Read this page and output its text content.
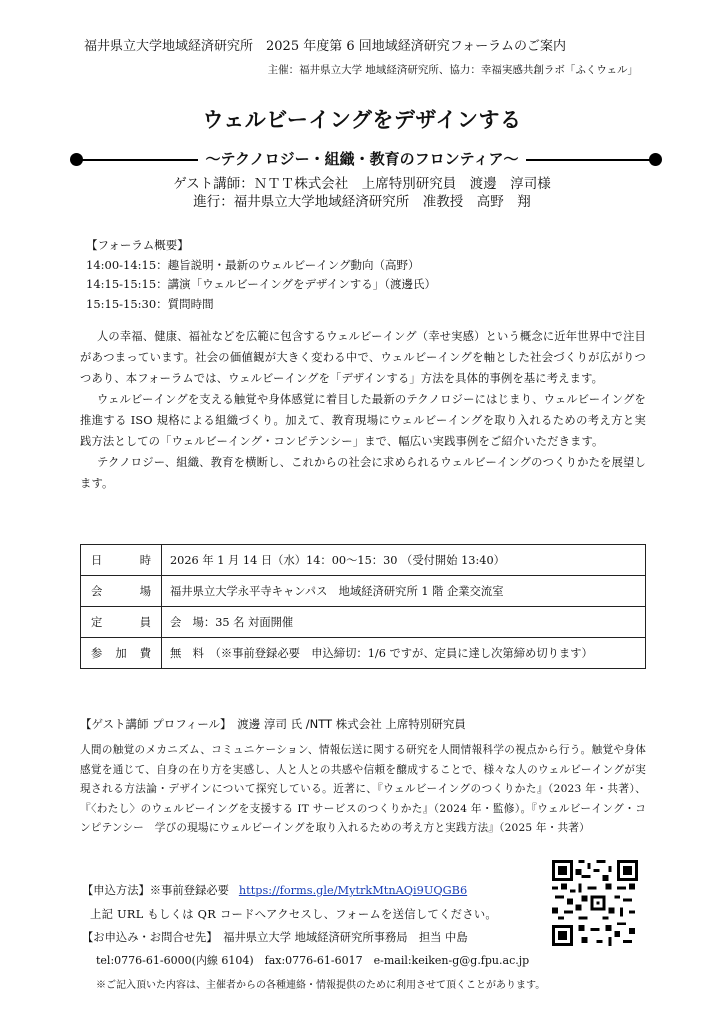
福井県立大学地域経済研究所　2025 年度第 6 回地域経済研究フォーラムのご案内
主催：福井県立大学 地域経済研究所、協力：幸福実感共創ラボ「ふくウェル」
ウェルビーイングをデザインする
〜テクノロジー・組織・教育のフロンティア〜
ゲスト講師：ＮＴＴ株式会社　上席特別研究員　渡邊　淳司様
進行：福井県立大学地域経済研究所　准教授　高野　翔
【フォーラム概要】
14:00-14:15：趣旨説明・最新のウェルビーイング動向（高野）
14:15-15:15：講演「ウェルビーイングをデザインする」（渡邊氏）
15:15-15:30：質問時間

人の幸福、健康、福祉などを広範に包含するウェルビーイング（幸せ実感）という概念に近年世界中で注目があつまっています。社会の価値観が大きく変わる中で、ウェルビーイングを軸とした社会づくりが広がりつつあり、本フォーラムでは、ウェルビーイングを「デザインする」方法を具体的事例を基に考えます。

ウェルビーイングを支える触覚や身体感覚に着目した最新のテクノロジーにはじまり、ウェルビーイングを推進する ISO 規格による組織づくり。加えて、教育現場にウェルビーイングを取り入れるための考え方と実践方法としての「ウェルビーイング・コンピテンシー」まで、幅広い実践事例をご紹介いただきます。

テクノロジー、組織、教育を横断し、これからの社会に求められるウェルビーイングのつくりかたを展望します。

日　時	2026 年 1 月 14 日（水）14：00〜15：30 （受付開始 13:40）
会　場	福井県立大学永平寺キャンパス　地域経済研究所 1 階 企業交流室
定　員	会　場：35 名 対面開催
参加費	無　料　（※事前登録必要　申込締切：1/6 ですが、定員に達し次第締め切ります）
【ゲスト講師 プロフィール】　渡邊 淳司 氏 /NTT 株式会社 上席特別研究員
人間の触覚のメカニズム、コミュニケーション、情報伝送に関する研究を人間情報科学の視点から行う。触覚や身体感覚を通じて、自身の在り方を実感し、人と人との共感や信頼を醸成することで、様々な人のウェルビーイングが実現される方法論・デザインについて探究している。近著に、『ウェルビーイングのつくりかた』（2023 年・共著）、『〈わたし〉のウェルビーイングを支援する IT サービスのつくりかた』（2024 年・監修）。『ウェルビーイング・コンピテンシー　学びの現場にウェルビーイングを取り入れるための考え方と実践方法』（2025 年・共著）
【申込方法】※事前登録必要 https://forms.gle/MytrkMtnAQi9UQGB6
上記 URL もしくは QR コードへアクセスし、フォームを送信してください。
【お申込み・お問合せ先】　福井県立大学 地域経済研究所事務局　担当 中島
tel:0776-61-6000(内線 6104)　fax:0776-61-6017　e-mail:keiken-g@g.fpu.ac.jp
※ご記入頂いた内容は、主催者からの各種連絡・情報提供のために利用させて頂くことがあります。
